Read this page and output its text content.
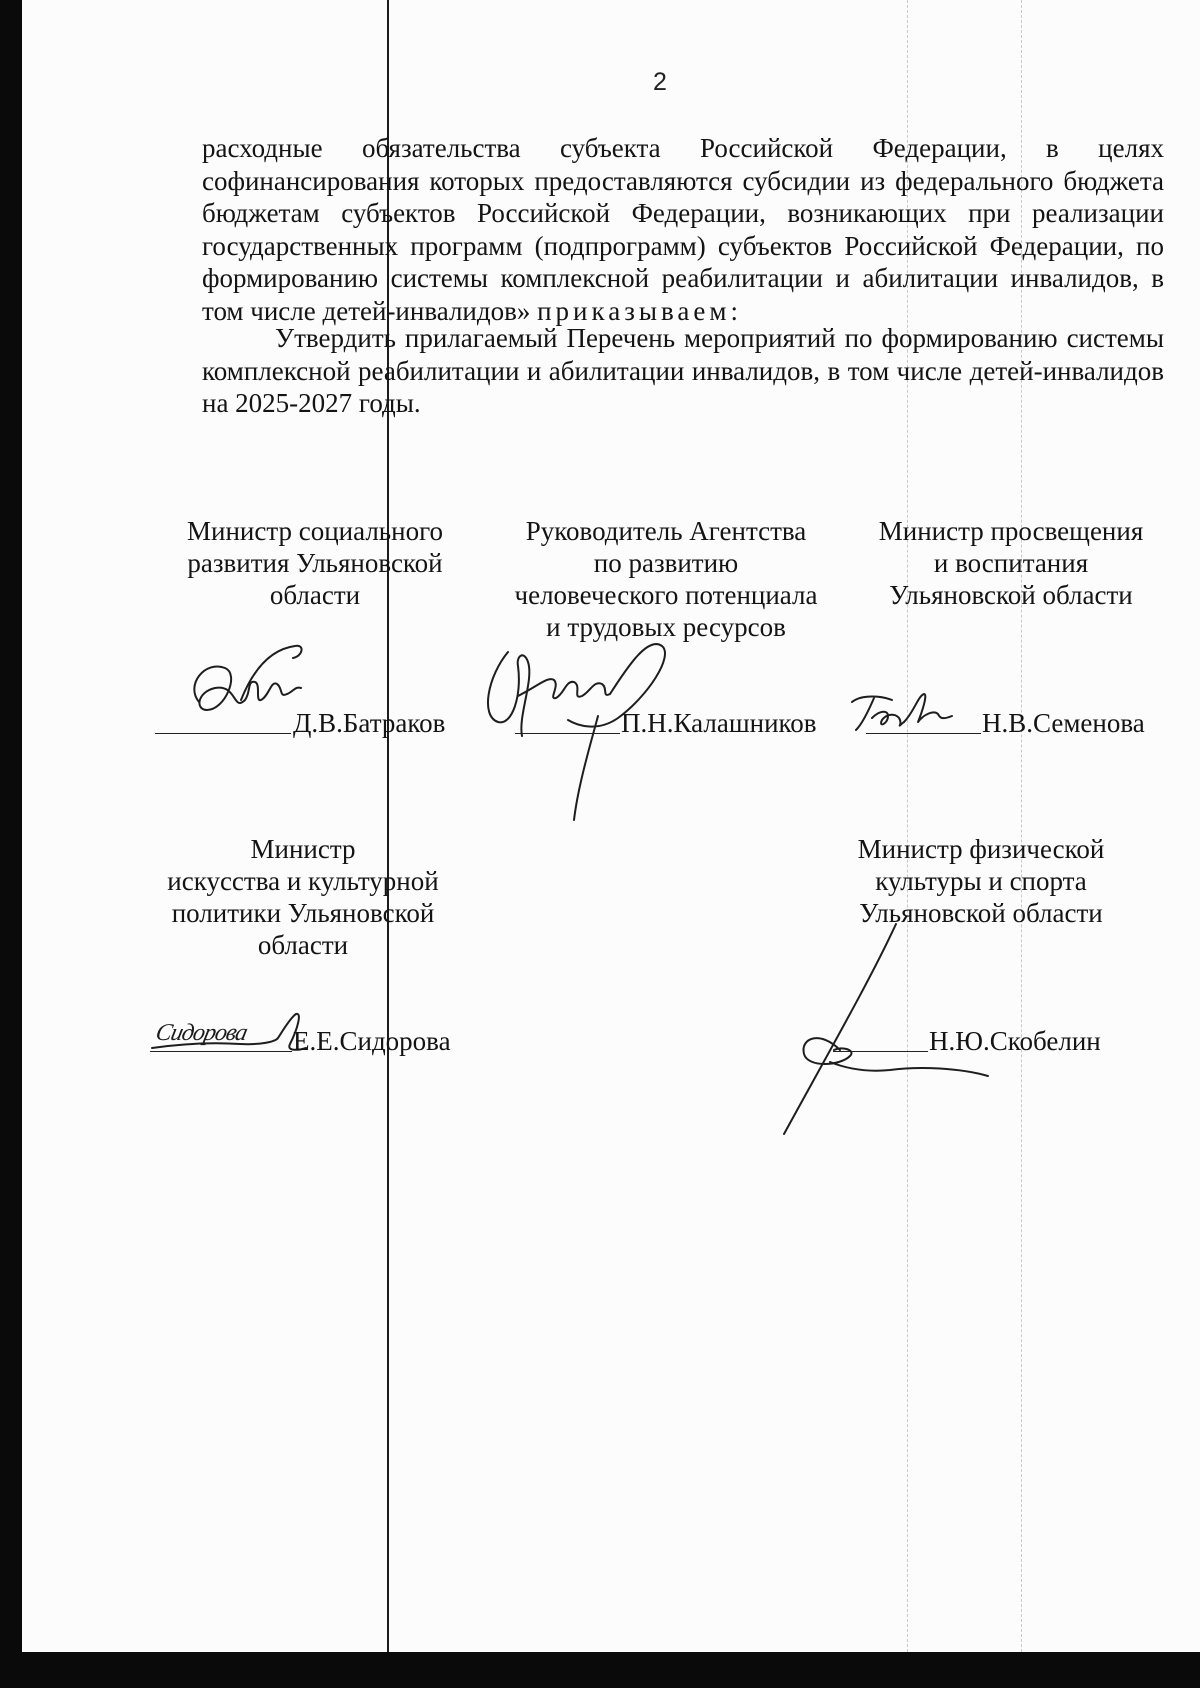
2
расходные обязательства субъекта Российской Федерации, в целях софинансирования которых предоставляются субсидии из федерального бюджета бюджетам субъектов Российской Федерации, возникающих при реализации государственных программ (подпрограмм) субъектов Российской Федерации, по формированию системы комплексной реабилитации и абилитации инвалидов, в том числе детей-инвалидов» приказываем:

Утвердить прилагаемый Перечень мероприятий по формированию системы комплексной реабилитации и абилитации инвалидов, в том числе детей-инвалидов на 2025-2027 годы.

Министр социального
развития Ульяновской
области
Д.В.Батраков
Руководитель Агентства
по развитию
человеческого потенциала
и трудовых ресурсов
П.Н.Калашников
Министр просвещения
и воспитания
Ульяновской области
Н.В.Семенова
Министр
искусства и культурной
политики Ульяновской
области
Сидорова Е.Е.Сидорова
Министр физической
культуры и спорта
Ульяновской области
Н.Ю.Скобелин
